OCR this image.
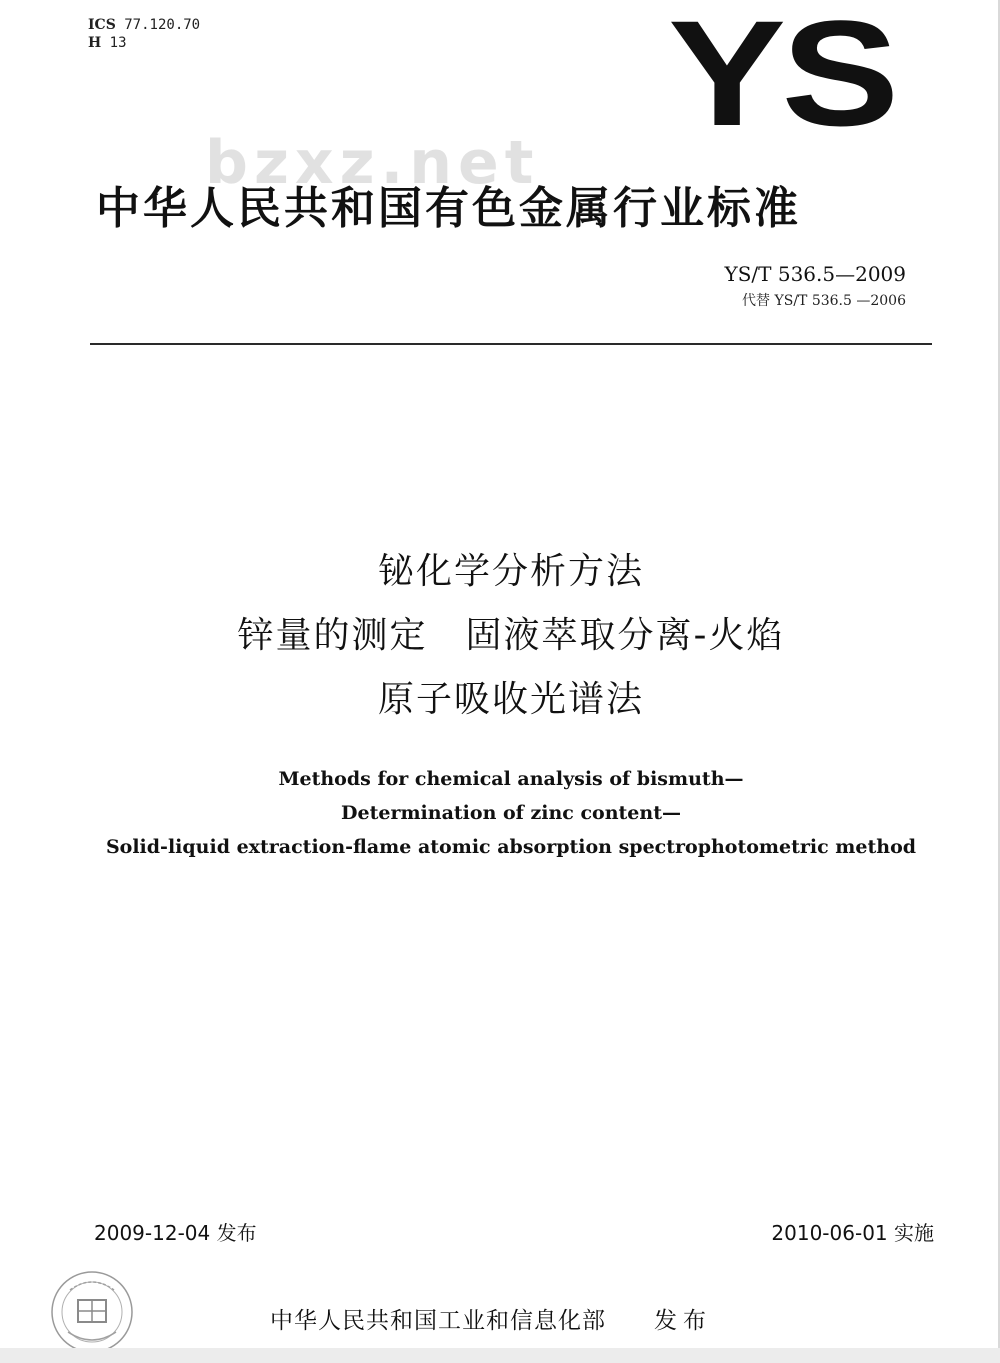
ICS 77.120.70
H 13	YS
bzxz.net
中华人民共和国有色金属行业标准
YS/T 536.5—2009
代替 YS/T 536.5 —2006
铋化学分析方法
锌量的测定　固液萃取分离-火焰
原子吸收光谱法
Methods for chemical analysis of bismuth—
Determination of zinc content—
Solid-liquid extraction-flame atomic absorption spectrophotometric method
2009-12-04 发布	2010-06-01 实施
中华人民共和国工业和信息化部 发布
